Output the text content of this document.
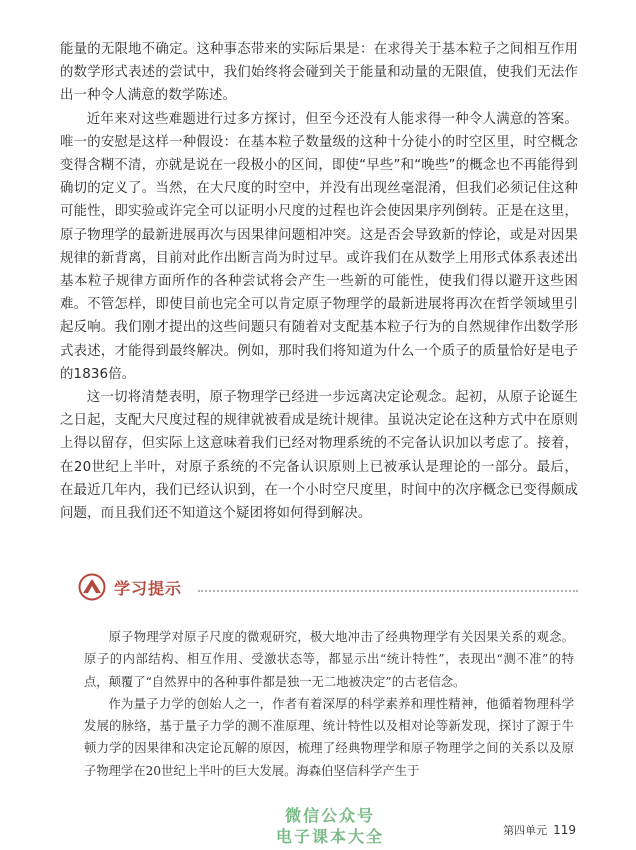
能量的无限地不确定。这种事态带来的实际后果是：在求得关于基本粒子之间相互作用的数学形式表述的尝试中，我们始终将会碰到关于能量和动量的无限值，使我们无法作出一种令人满意的数学陈述。

近年来对这些难题进行过多方探讨，但至今还没有人能求得一种令人满意的答案。唯一的安慰是这样一种假设：在基本粒子数量级的这种十分徒小的时空区里，时空概念变得含糊不清，亦就是说在一段极小的区间，即使“早些”和“晚些”的概念也不再能得到确切的定义了。当然，在大尺度的时空中，并没有出现丝毫混淆，但我们必须记住这种可能性，即实验或许完全可以证明小尺度的过程也许会使因果序列倒转。正是在这里，原子物理学的最新进展再次与因果律问题相冲突。这是否会导致新的悖论，或是对因果规律的新背离，目前对此作出断言尚为时过早。或许我们在从数学上用形式体系表述出基本粒子规律方面所作的各种尝试将会产生一些新的可能性，使我们得以避开这些困难。不管怎样，即使目前也完全可以肯定原子物理学的最新进展将再次在哲学领域里引起反响。我们刚才提出的这些问题只有随着对支配基本粒子行为的自然规律作出数学形式表述，才能得到最终解决。例如，那时我们将知道为什么一个质子的质量恰好是电子的1836倍。

这一切将清楚表明，原子物理学已经进一步远离决定论观念。起初，从原子论诞生之日起，支配大尺度过程的规律就被看成是统计规律。虽说决定论在这种方式中在原则上得以留存，但实际上这意味着我们已经对物理系统的不完备认识加以考虑了。接着，在20世纪上半叶，对原子系统的不完备认识原则上已被承认是理论的一部分。最后，在最近几年内，我们已经认识到，在一个小时空尺度里，时间中的次序概念已变得颇成问题，而且我们还不知道这个疑团将如何得到解决。

学习提示

原子物理学对原子尺度的微观研究，极大地冲击了经典物理学有关因果关系的观念。原子的内部结构、相互作用、受激状态等，都显示出“统计特性”，表现出“测不准”的特点，颠覆了“自然界中的各种事件都是独一无二地被决定”的古老信念。

作为量子力学的创始人之一，作者有着深厚的科学素养和理性精神，他循着物理科学发展的脉络，基于量子力学的测不准原理、统计特性以及相对论等新发现，探讨了源于牛顿力学的因果律和决定论瓦解的原因，梳理了经典物理学和原子物理学之间的关系以及原子物理学在20世纪上半叶的巨大发展。海森伯坚信科学产生于

微信公众号
电子课本大全	第四单元 119
